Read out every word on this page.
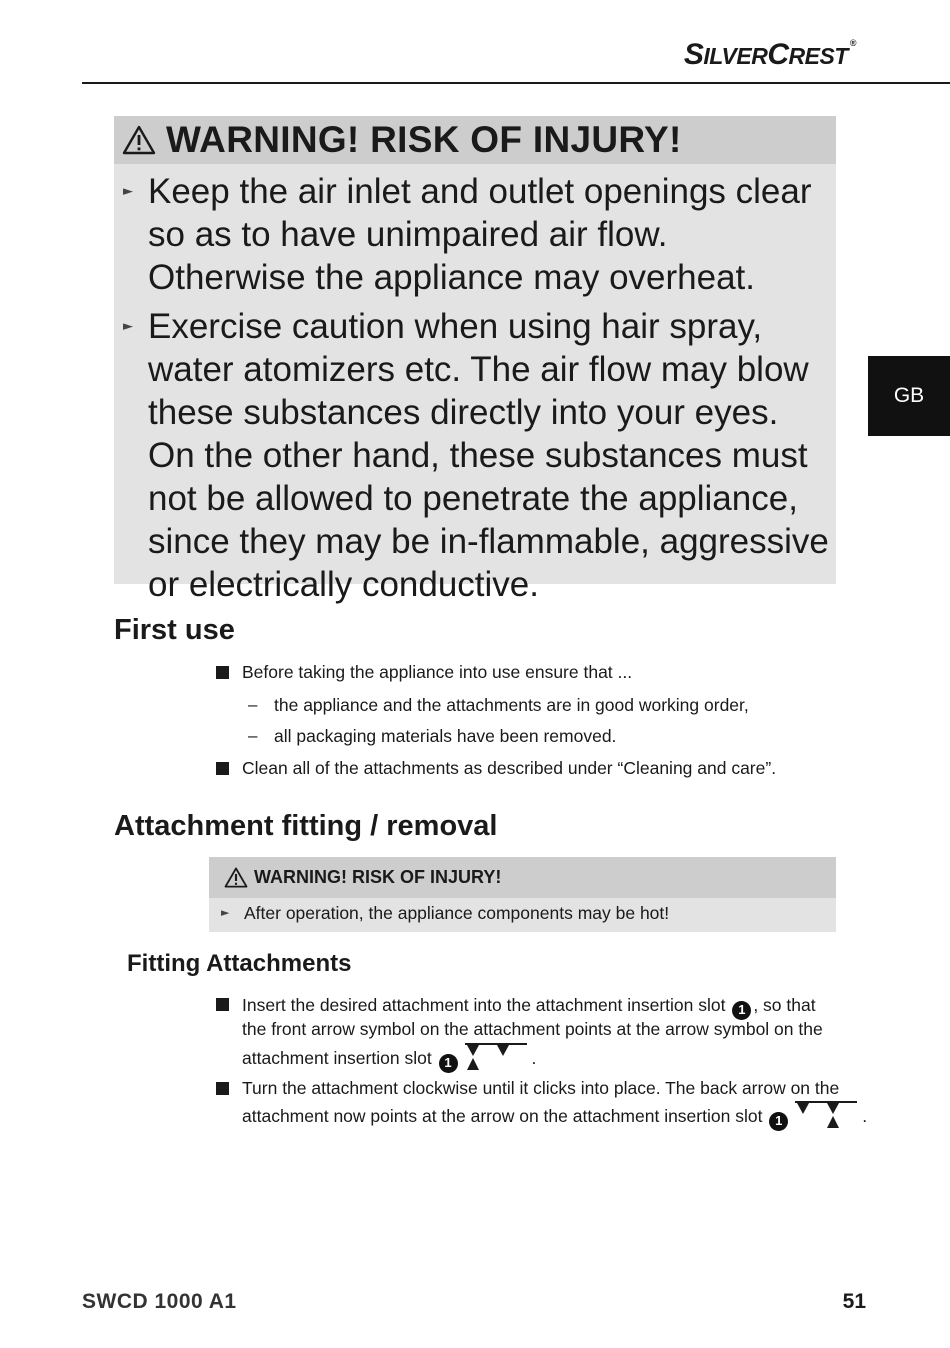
SILVERCREST ®
GB
WARNING! RISK OF INJURY!
► Keep the air inlet and outlet openings clear so as to have unimpaired air flow. Otherwise the appliance may overheat.
► Exercise caution when using hair spray, water atomizers etc. The air flow may blow these substances directly into your eyes. On the other hand, these substances must not be allowed to penetrate the appliance, since they may be in-flammable, aggressive or electrically conductive.
First use
Before taking the appliance into use ensure that ...
– the appliance and the attachments are in good working order,
– all packaging materials have been removed.
Clean all of the attachments as described under “Cleaning and care”.
Attachment fitting / removal
WARNING! RISK OF INJURY!
► After operation, the appliance components may be hot!
Fitting Attachments
Insert the desired attachment into the attachment insertion slot 1 , so that
the front arrow symbol on the attachment points at the arrow symbol on the
attachment insertion slot 1	.
Turn the attachment clockwise until it clicks into place. The back arrow on the
attachment now points at the arrow on the attachment insertion slot 1	.
SWCD 1000 A1	51
